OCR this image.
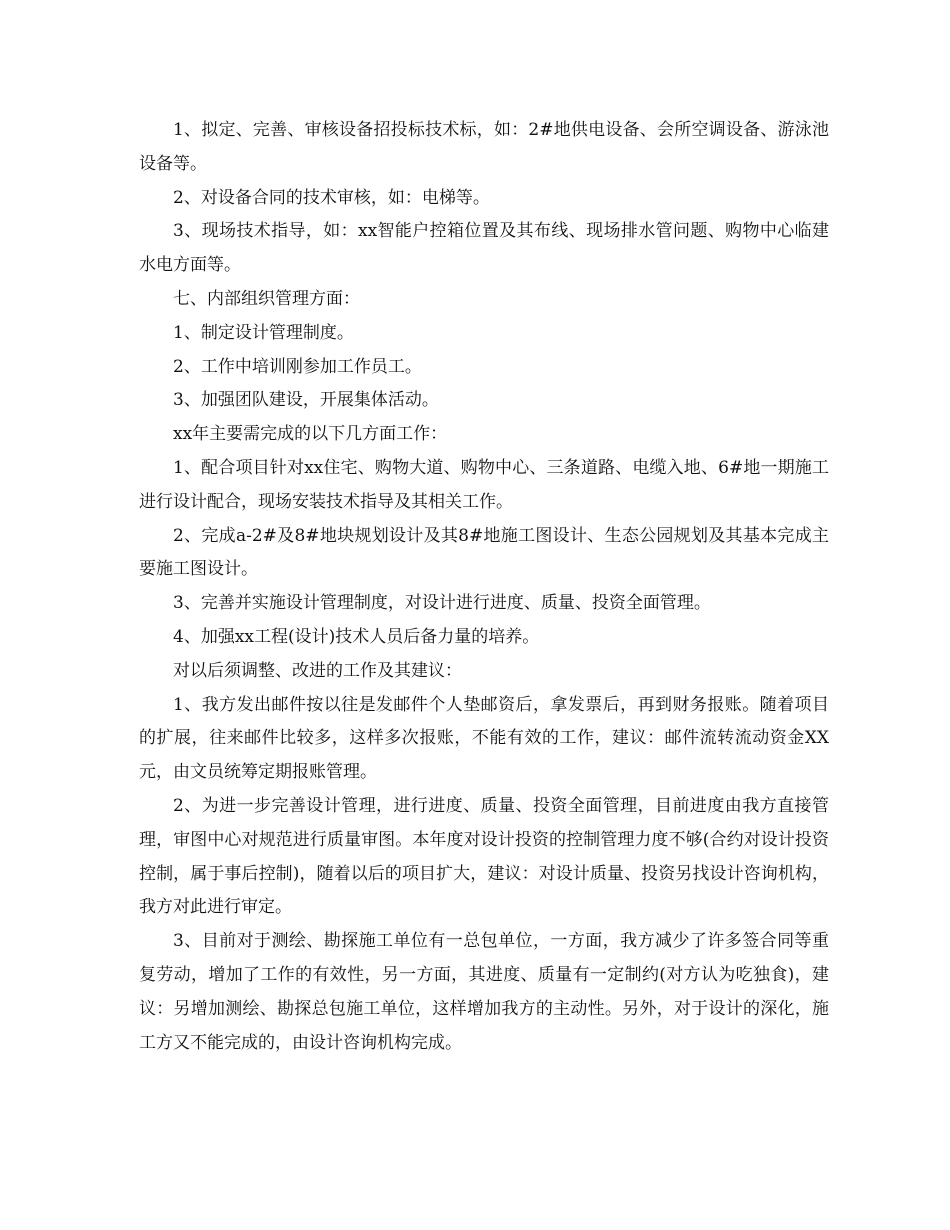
1、拟定、完善、审核设备招投标技术标，如：2#地供电设备、会所空调设备、游泳池设备等。

2、对设备合同的技术审核，如：电梯等。

3、现场技术指导，如：xx智能户控箱位置及其布线、现场排水管问题、购物中心临建水电方面等。

七、内部组织管理方面：

1、制定设计管理制度。

2、工作中培训刚参加工作员工。

3、加强团队建设，开展集体活动。

xx年主要需完成的以下几方面工作：

1、配合项目针对xx住宅、购物大道、购物中心、三条道路、电缆入地、6#地一期施工进行设计配合，现场安装技术指导及其相关工作。

2、完成a-2#及8#地块规划设计及其8#地施工图设计、生态公园规划及其基本完成主要施工图设计。

3、完善并实施设计管理制度，对设计进行进度、质量、投资全面管理。

4、加强xx工程(设计)技术人员后备力量的培养。

对以后须调整、改进的工作及其建议：

1、我方发出邮件按以往是发邮件个人垫邮资后，拿发票后，再到财务报账。随着项目的扩展，往来邮件比较多，这样多次报账，不能有效的工作，建议：邮件流转流动资金XX元，由文员统筹定期报账管理。

2、为进一步完善设计管理，进行进度、质量、投资全面管理，目前进度由我方直接管理，审图中心对规范进行质量审图。本年度对设计投资的控制管理力度不够(合约对设计投资控制，属于事后控制)，随着以后的项目扩大，建议：对设计质量、投资另找设计咨询机构，我方对此进行审定。

3、目前对于测绘、勘探施工单位有一总包单位，一方面，我方减少了许多签合同等重复劳动，增加了工作的有效性，另一方面，其进度、质量有一定制约(对方认为吃独食)，建议：另增加测绘、勘探总包施工单位，这样增加我方的主动性。另外，对于设计的深化，施工方又不能完成的，由设计咨询机构完成。
